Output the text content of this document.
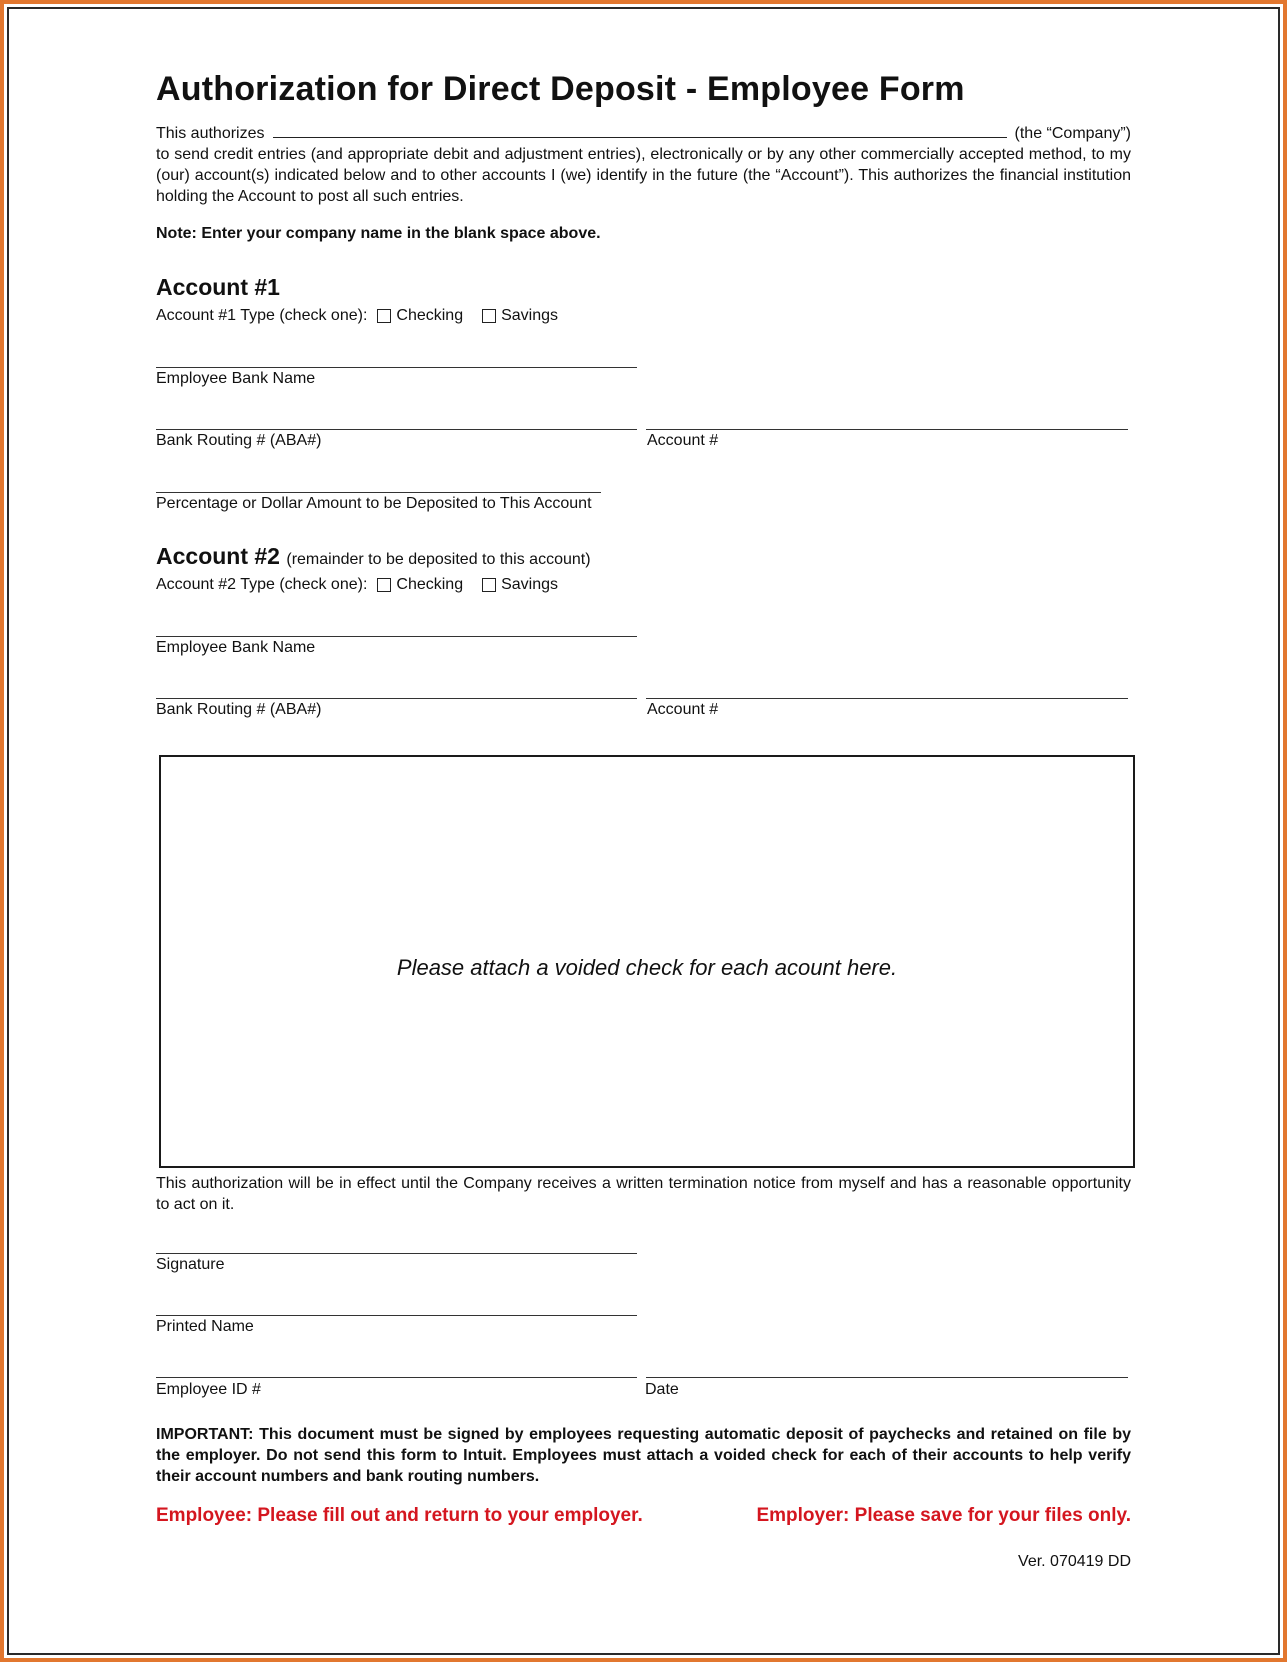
Authorization for Direct Deposit - Employee Form
This authorizes	(the “Company”)
to send credit entries (and appropriate debit and adjustment entries), electronically or by any other commercially accepted method, to my (our) account(s) indicated below and to other accounts I (we) identify in the future (the “Account”). This authorizes the financial institution holding the Account to post all such entries.
Note: Enter your company name in the blank space above.
Account #1
Account #1 Type (check one): Checking Savings
Employee Bank Name
Bank Routing # (ABA#)	Account #
Percentage or Dollar Amount to be Deposited to This Account
Account #2 (remainder to be deposited to this account)
Account #2 Type (check one): Checking Savings
Employee Bank Name
Bank Routing # (ABA#)	Account #
Please attach a voided check for each acount here.
This authorization will be in effect until the Company receives a written termination notice from myself and has a reasonable opportunity to act on it.
Signature
Printed Name
Employee ID #	Date
IMPORTANT: This document must be signed by employees requesting automatic deposit of paychecks and retained on file by the employer. Do not send this form to Intuit. Employees must attach a voided check for each of their accounts to help verify their account numbers and bank routing numbers.
Employee: Please fill out and return to your employer.	Employer: Please save for your files only.
Ver. 070419 DD
